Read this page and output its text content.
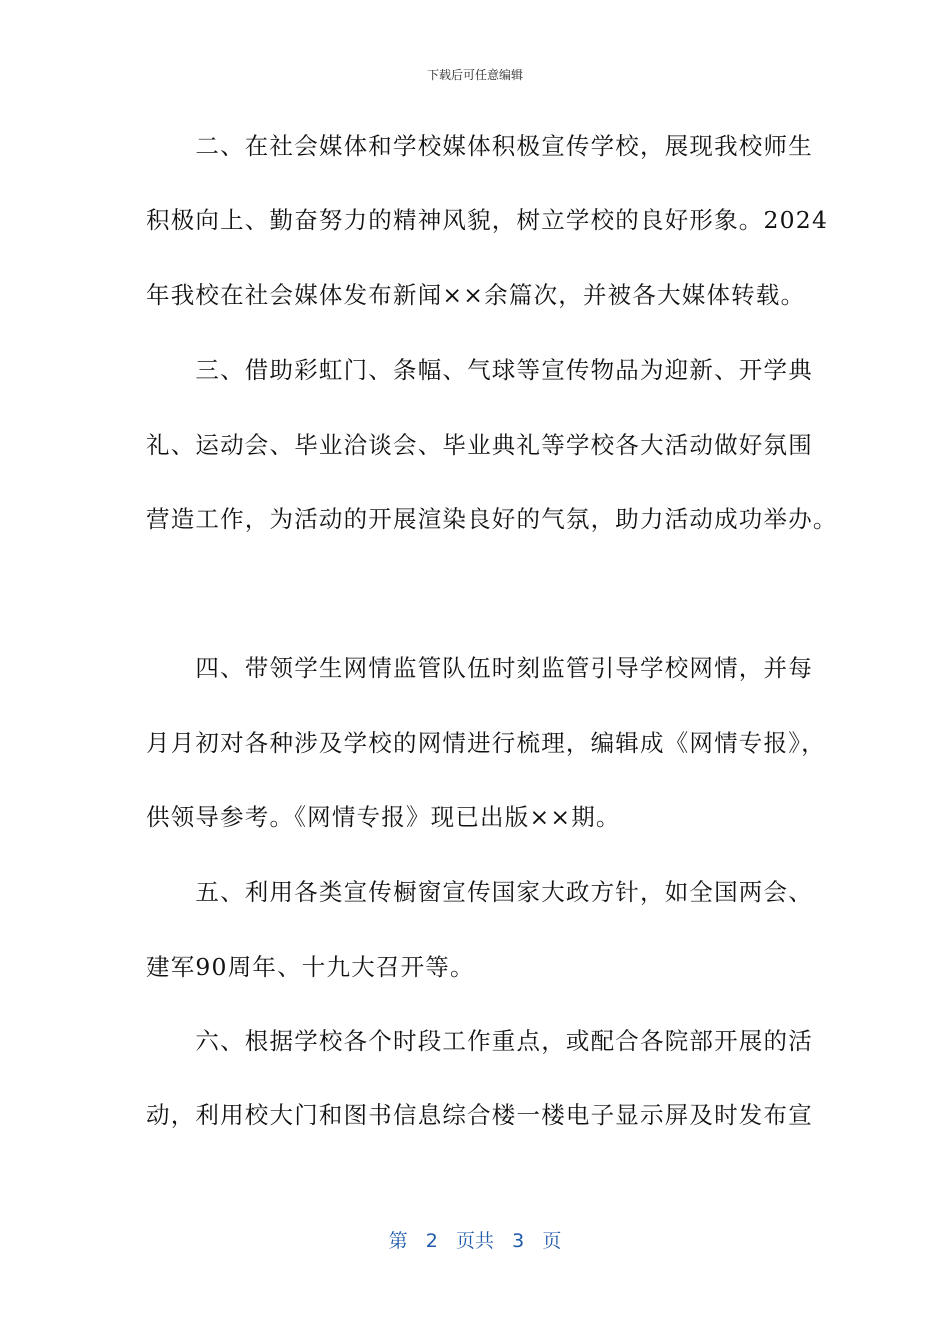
下载后可任意编辑
　　二、在社会媒体和学校媒体积极宣传学校，展现我校师生
积极向上、勤奋努力的精神风貌，树立学校的良好形象。2024
年我校在社会媒体发布新闻××余篇次，并被各大媒体转载。
　　三、借助彩虹门、条幅、气球等宣传物品为迎新、开学典
礼、运动会、毕业洽谈会、毕业典礼等学校各大活动做好氛围
营造工作，为活动的开展渲染良好的气氛，助力活动成功举办。
　　四、带领学生网情监管队伍时刻监管引导学校网情，并每
月月初对各种涉及学校的网情进行梳理，编辑成《网情专报》，
供领导参考。《网情专报》现已出版××期。
　　五、利用各类宣传橱窗宣传国家大政方针，如全国两会、
建军90周年、十九大召开等。
　　六、根据学校各个时段工作重点，或配合各院部开展的活
动，利用校大门和图书信息综合楼一楼电子显示屏及时发布宣
第 2 页共 3 页
